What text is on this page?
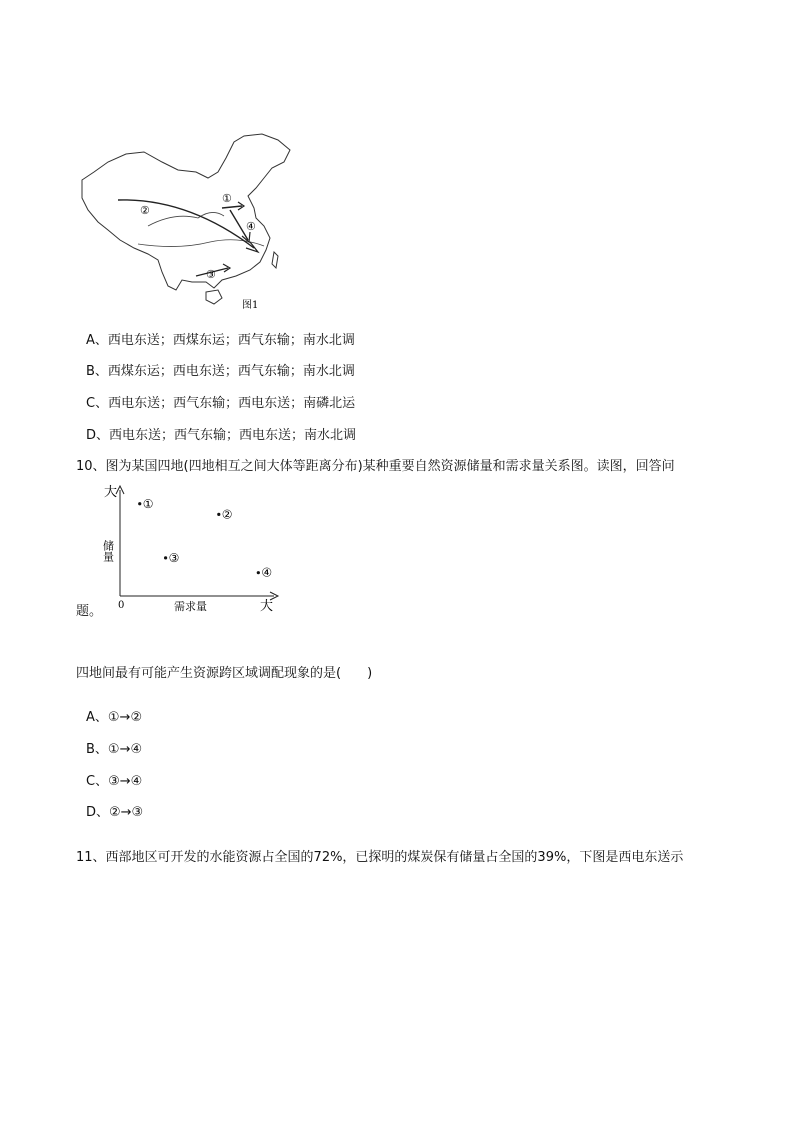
①
②
③
④
图1
A、西电东送；西煤东运；西气东输；南水北调
B、西煤东运；西电东送；西气东输；南水北调
C、西电东送；西气东输；西电东送；南磷北运
D、西电东送；西气东输；西电东送；南水北调
10、图为某国四地(四地相互之间大体等距离分布)某种重要自然资源储量和需求量关系图。读图，回答问
大
大
0	需求量
储量
①
②
③
④
题。
四地间最有可能产生资源跨区域调配现象的是(　　)
A、①→②
B、①→④
C、③→④
D、②→③
11、西部地区可开发的水能资源占全国的72%，已探明的煤炭保有储量占全国的39%，下图是西电东送示
